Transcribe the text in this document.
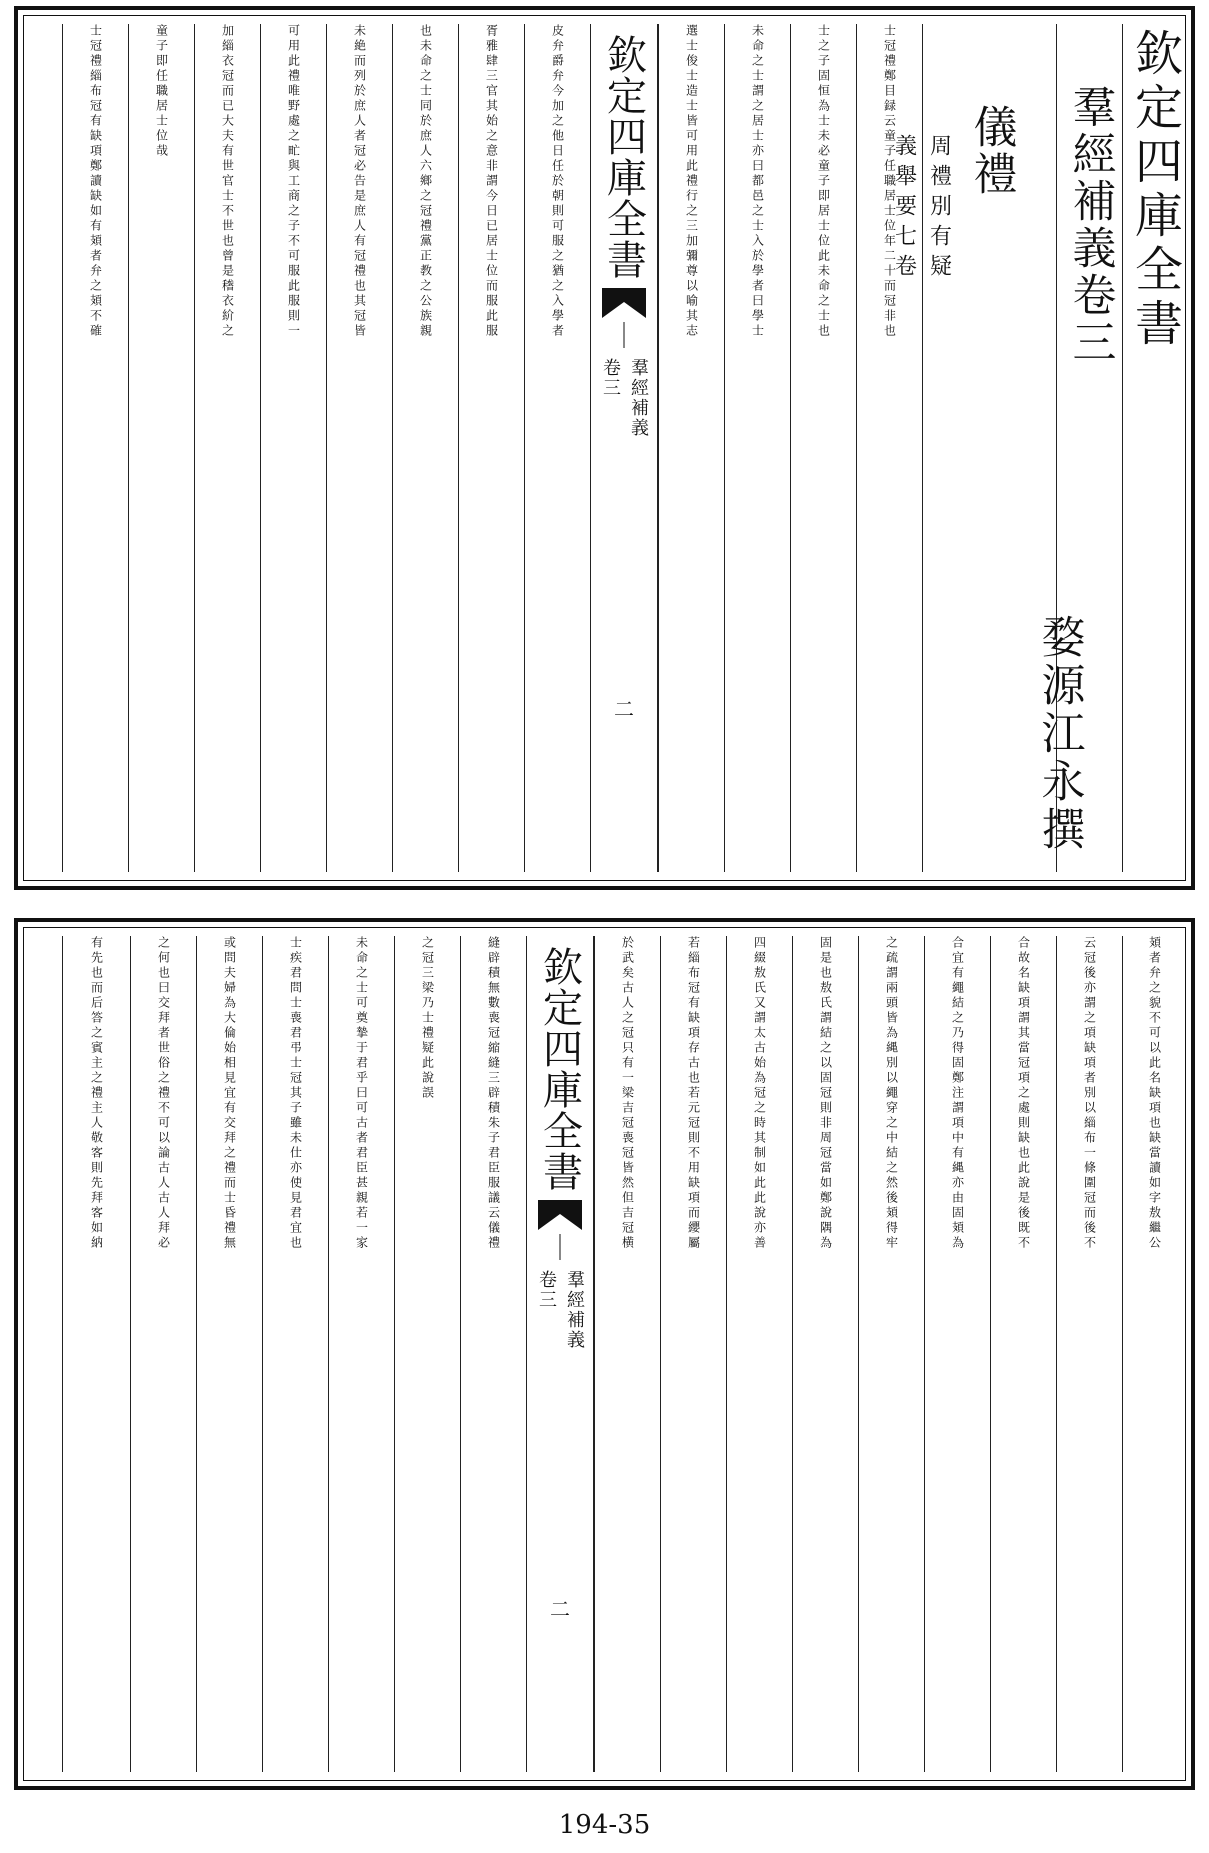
欽定四庫全書
羣經補義卷三
婺源江永撰
儀禮
周禮別有疑
義舉要七卷
士冠禮鄭目録云童子任職居士位年二十而冠非也
士之子固恒為士未必童子即居士位此未命之士也
未命之士謂之居士亦曰都邑之士入於學者曰學士
選士俊士造士皆可用此禮行之三加彌尊以喻其志
欽定四庫全書
羣經補義
卷三
二
皮弁爵弁今加之他日任於朝則可服之猶之入學者
胥雅肆三官其始之意非謂今日已居士位而服此服
也未命之士同於庶人六鄉之冠禮黨正教之公族親
未絶而列於庶人者冠必告是庶人有冠禮也其冠皆
可用此禮唯野處之甿與工商之子不可服此服則一
加緇衣冠而已大夫有世官士不世也曾是𥡴衣紒之
童子即任職居士位哉
士冠禮緇布冠有缺項鄭讀缺如有頍者弁之頍不確
頍者弁之貌不可以此名缺項也缺當讀如字敖繼公
云冠後亦謂之項缺項者別以緇布一條圍冠而後不
合故名缺項謂其當冠項之處則缺也此說是後既不
合宜有繩結之乃得固鄭注謂項中有縄亦由固頍為
之疏謂兩頭皆為縄別以繩穿之中結之然後頍得牢
固是也敖氏謂結之以固冠則非周冠當如鄭說隅為
四綴敖氏又謂太古始為冠之時其制如此此說亦善
若緇布冠有缺項存古也若元冠則不用缺項而纓屬
於武矣古人之冠只有一梁吉冠喪冠皆然但吉冠横
欽定四庫全書
羣經補義
卷三
二
縫辟積無數喪冠縮縫三辟積朱子君臣服議云儀禮
之冠三梁乃士禮疑此說誤
未命之士可奠摯于君乎曰可古者君臣甚親若一家
士疾君問士喪君弔士冠其子雖未仕亦使見君宜也
或問夫婦為大倫始相見宜有交拜之禮而士昏禮無
之何也曰交拜者世俗之禮不可以論古人古人拜必
有先也而后答之賓主之禮主人敬客則先拜客如納
194-35
